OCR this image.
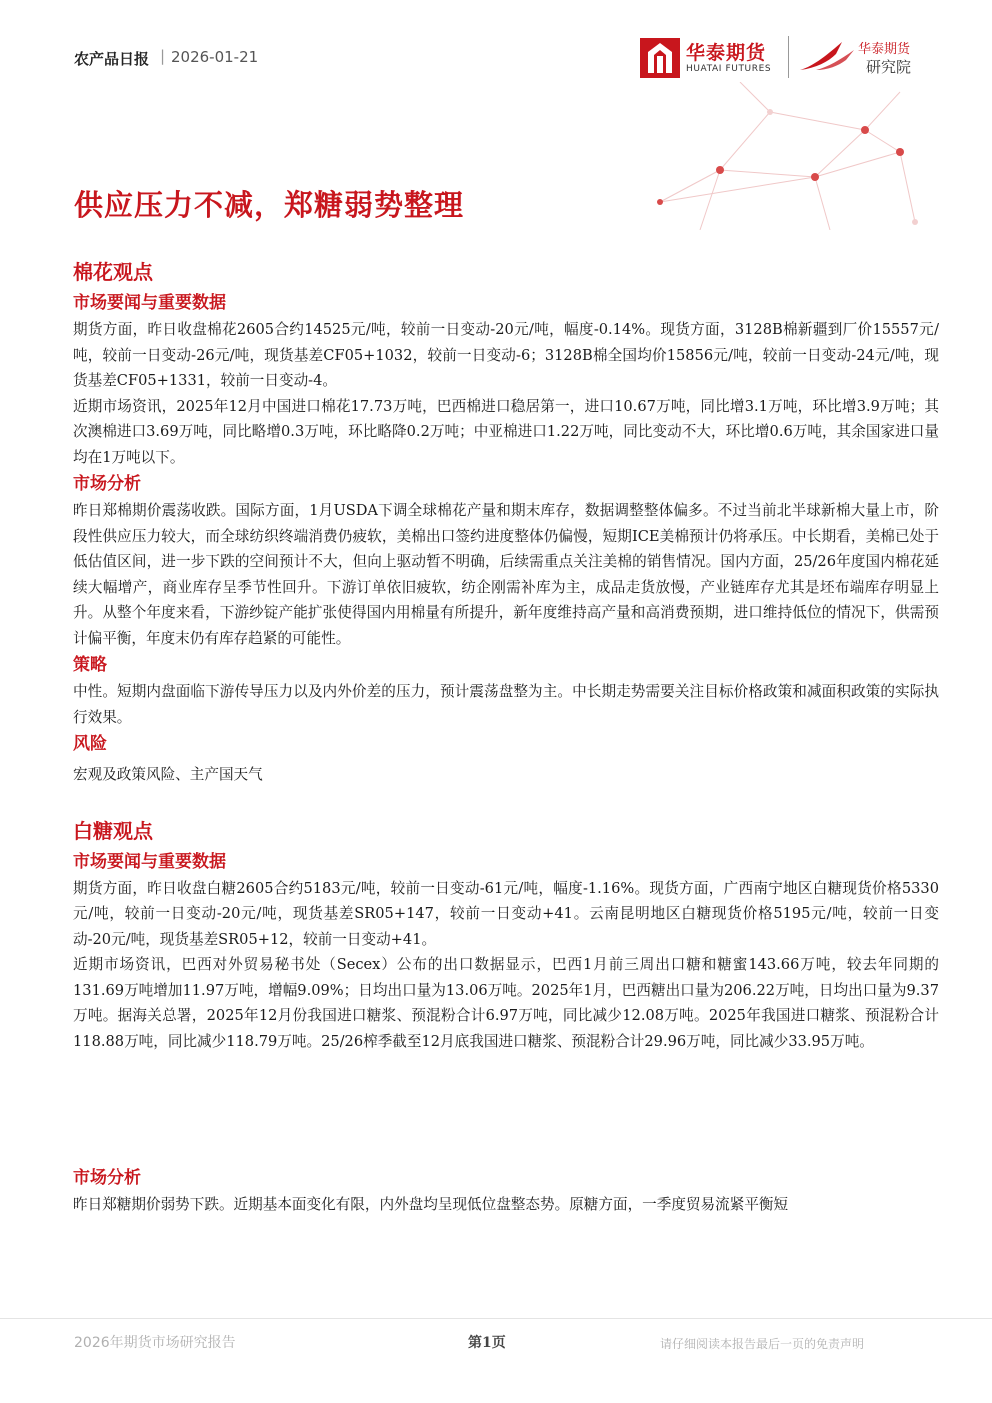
农产品日报 | 2026-01-21	华泰期货
HUATAI FUTURES
华泰期货
研究院
供应压力不减，郑糖弱势整理
棉花观点
市场要闻与重要数据

期货方面，昨日收盘棉花2605合约14525元/吨，较前一日变动-20元/吨，幅度-0.14%。现货方面，3128B棉新疆到厂价15557元/吨，较前一日变动-26元/吨，现货基差CF05+1032，较前一日变动-6；3128B棉全国均价15856元/吨，较前一日变动-24元/吨，现货基差CF05+1331，较前一日变动-4。

近期市场资讯，2025年12月中国进口棉花17.73万吨，巴西棉进口稳居第一，进口10.67万吨，同比增3.1万吨，环比增3.9万吨；其次澳棉进口3.69万吨，同比略增0.3万吨，环比略降0.2万吨；中亚棉进口1.22万吨，同比变动不大，环比增0.6万吨，其余国家进口量均在1万吨以下。

市场分析

昨日郑棉期价震荡收跌。国际方面，1月USDA下调全球棉花产量和期末库存，数据调整整体偏多。不过当前北半球新棉大量上市，阶段性供应压力较大，而全球纺织终端消费仍疲软，美棉出口签约进度整体仍偏慢，短期ICE美棉预计仍将承压。中长期看，美棉已处于低估值区间，进一步下跌的空间预计不大，但向上驱动暂不明确，后续需重点关注美棉的销售情况。国内方面，25/26年度国内棉花延续大幅增产，商业库存呈季节性回升。下游订单依旧疲软，纺企刚需补库为主，成品走货放慢，产业链库存尤其是坯布端库存明显上升。从整个年度来看，下游纱锭产能扩张使得国内用棉量有所提升，新年度维持高产量和高消费预期，进口维持低位的情况下，供需预计偏平衡，年度末仍有库存趋紧的可能性。

策略

中性。短期内盘面临下游传导压力以及内外价差的压力，预计震荡盘整为主。中长期走势需要关注目标价格政策和减面积政策的实际执行效果。

风险

宏观及政策风险、主产国天气

白糖观点
市场要闻与重要数据

期货方面，昨日收盘白糖2605合约5183元/吨，较前一日变动-61元/吨，幅度-1.16%。现货方面，广西南宁地区白糖现货价格5330元/吨，较前一日变动-20元/吨，现货基差SR05+147，较前一日变动+41。云南昆明地区白糖现货价格5195元/吨，较前一日变动-20元/吨，现货基差SR05+12，较前一日变动+41。

近期市场资讯，巴西对外贸易秘书处（Secex）公布的出口数据显示，巴西1月前三周出口糖和糖蜜143.66万吨，较去年同期的131.69万吨增加11.97万吨，增幅9.09%；日均出口量为13.06万吨。2025年1月，巴西糖出口量为206.22万吨，日均出口量为9.37万吨。据海关总署，2025年12月份我国进口糖浆、预混粉合计6.97万吨，同比减少12.08万吨。2025年我国进口糖浆、预混粉合计118.88万吨，同比减少118.79万吨。25/26榨季截至12月底我国进口糖浆、预混粉合计29.96万吨，同比减少33.95万吨。

市场分析

昨日郑糖期价弱势下跌。近期基本面变化有限，内外盘均呈现低位盘整态势。原糖方面，一季度贸易流紧平衡短

2026年期货市场研究报告	第1页	请仔细阅读本报告最后一页的免责声明
